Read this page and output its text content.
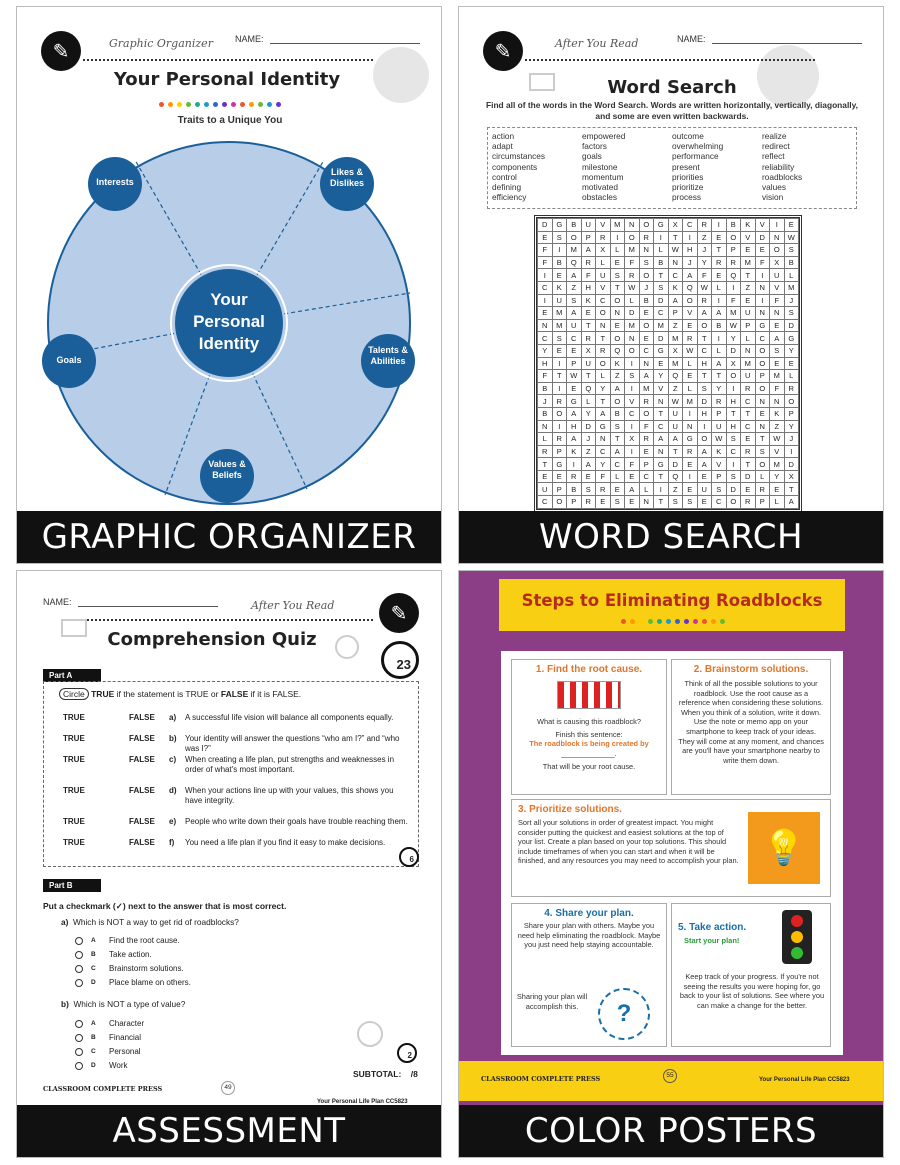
✎	Graphic Organizer NAME:
Your Personal Identity
Traits to a Unique You
Your Personal Identity
Interests
Likes & Dislikes
Goals
Talents & Abilities
Values & Beliefs
GRAPHIC ORGANIZER
✎	After You Read	NAME:
Word Search
Find all of the words in the Word Search. Words are written horizontally, vertically, diagonally, and some are even written backwards.
action
adapt
circumstances
components
control
defining
efficiency
empowered
factors
goals
milestone
momentum
motivated
obstacles
outcome
overwhelming
performance
present
priorities
prioritize
process
realize
redirect
reflect
reliability
roadblocks
values
vision
D	G	B	U	V	M	N	O	G	X	C	R	I	B	K	V	I	E
E	S	O	P	R	I	O	R	I	T	I	Z	E	O	V	D	N	W
F	I	M	A	X	L	M	N	L	W	H	J	T	P	E	E	O	S
F	B	Q	R	L	E	F	S	B	N	J	Y	R	R	M	F	X	B
I	E	A	F	U	S	R	O	T	C	A	F	E	Q	T	I	U	L
C	K	Z	H	V	T	W	J	S	K	Q	W	L	I	Z	N	V	M
I	U	S	K	C	O	L	B	D	A	O	R	I	F	E	I	F	J
E	M	A	E	O	N	D	E	C	P	V	A	A	M	U	N	N	S
N	M	U	T	N	E	M	O	M	Z	E	O	B	W	P	G	E	D
C	S	C	R	T	O	N	E	D	M	R	T	I	Y	L	C	A	G
Y	E	E	X	R	Q	O	C	G	X	W	C	L	D	N	O	S	Y
H	I	P	U	O	K	I	N	E	M	L	H	A	X	M	O	E	E
F	T	W	T	L	Z	S	A	Y	Q	E	T	T	O	U	P	M	L
B	I	E	Q	Y	A	I	M	V	Z	L	S	Y	I	R	O	F	R
J	R	G	L	T	O	V	R	N	W	M	D	R	H	C	N	N	O
B	O	A	Y	A	B	C	O	T	U	I	H	P	T	T	E	K	P
N	I	H	D	G	S	I	F	C	U	N	I	U	H	C	N	Z	Y
L	R	A	J	N	T	X	R	A	A	G	O	W	S	E	T	W	J
R	P	K	Z	C	A	I	E	N	T	R	A	K	C	R	S	V	I
T	G	I	A	Y	C	F	P	G	D	E	A	V	I	T	O	M	D
E	E	R	E	F	L	E	C	T	Q	I	E	P	S	D	L	Y	X
U	P	B	S	R	E	A	L	I	Z	E	U	S	D	E	R	E	T
C	O	P	R	E	S	E	N	T	S	S	E	C	O	R	P	L	A
WORD SEARCH
NAME:	After You Read	✎
Comprehension Quiz
23
Part A
Circle TRUE if the statement is TRUE or FALSE if it is FALSE.
TRUE	FALSE	a)	A successful life vision will balance all components equally.
TRUE	FALSE	b)	Your identity will answer the questions “who am I?” and “who was I?”
TRUE	FALSE	c)	When creating a life plan, put strengths and weaknesses in order of what's most important.
TRUE	FALSE	d)	When your actions line up with your values, this shows you have integrity.
TRUE	FALSE	e)	People who write down their goals have trouble reaching them.
TRUE	FALSE	f)	You need a life plan if you find it easy to make decisions.
6
Part B
Put a checkmark (✓) next to the answer that is most correct.
a) Which is NOT a way to get rid of roadblocks?
A	Find the root cause.
B	Take action.
C	Brainstorm solutions.
D	Place blame on others.
b) Which is NOT a type of value?
A	Character
B	Financial
C	Personal
D	Work
2
SUBTOTAL: /8
CLASSROOM COMPLETE PRESS	49
Your Personal Life Plan CC5823
ASSESSMENT
Steps to Eliminating Roadblocks
1. Find the root cause.
What is causing this roadblock?
Finish this sentence:
The roadblock is being created by _____________.
That will be your root cause.
2. Brainstorm solutions.
Think of all the possible solutions to your roadblock. Use the root cause as a reference when considering these solutions. When you think of a solution, write it down. Use the note or memo app on your smartphone to keep track of your ideas. They will come at any moment, and chances are you'll have your smartphone nearby to write them down.
3. Prioritize solutions.
Sort all your solutions in order of greatest impact. You might consider putting the quickest and easiest solutions at the top of your list. Create a plan based on your top solutions. This should include timeframes of when you can start and when it will be finished, and any resources you may need to accomplish your plan. 💡
4. Share your plan.
Share your plan with others. Maybe you need help eliminating the roadblock. Maybe you just need help staying accountable.
Sharing your plan will accomplish this.	?
5. Take action.
Start your plan!
Keep track of your progress. If you're not seeing the results you were hoping for, go back to your list of solutions. See where you can make a change for the better.
CLASSROOM COMPLETE PRESS	55
Your Personal Life Plan CC5823
COLOR POSTERS
